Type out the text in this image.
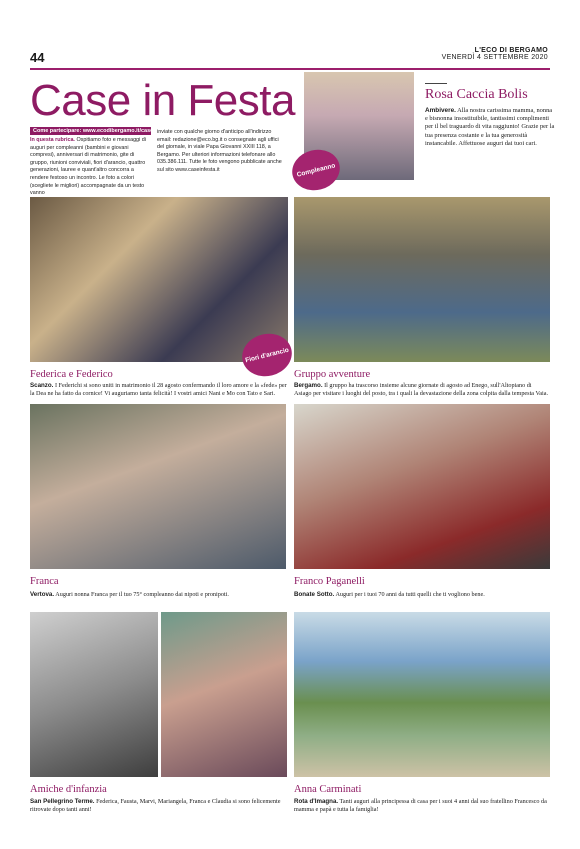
44	L'ECO DI BERGAMO
VENERDÌ 4 SETTEMBRE 2020
Case in Festa
Come partecipare: www.ecodibergamo.it/caseinfesta
In questa rubrica. Ospitiamo foto e messaggi di auguri per compleanni (bambini e giovani compresi), anniversari di matrimonio, gite di gruppo, riunioni conviviali, fiori d'arancio, quattro generazioni, lauree e quant'altro concorra a rendere festoso un incontro. Le foto a colori (scegliete le migliori) accompagnate da un testo vanno
inviate con qualche giorno d'anticipo all'indirizzo email: redazione@eco.bg.it o consegnate agli uffici del giornale, in viale Papa Giovanni XXIII 118, a Bergamo. Per ulteriori informazioni telefonare allo 035.386.111. Tutte le foto vengono pubblicate anche sul sito www.caseinfesta.it	Compleanno
Rosa Caccia Bolis
Ambivere. Alla nostra carissima mamma, nonna e bisnonna insostituibile, tantissimi complimenti per il bel traguardo di vita raggiunto! Grazie per la tua presenza costante e la tua generosità instancabile. Affettuose auguri dai tuoi cari.
Fiori d'arancio
Federica e Federico
Scanzo. I Federichi si sono uniti in matrimonio il 28 agosto confermando il loro amore e la «fede» per la Dea ne ha fatto da cornice! Vi auguriamo tanta felicità! I vostri amici Nani e Mo con Tato e Sari.
Gruppo avventure
Bergamo. Il gruppo ha trascorso insieme alcune giornate di agosto ad Enego, sull'Altopiano di Asiago per visitare i luoghi del posto, tra i quali la devastazione della zona colpita dalla tempesta Vaia.
Franca
Vertova. Auguri nonna Franca per il tuo 75° compleanno dai nipoti e pronipoti.
Franco Paganelli
Bonate Sotto. Auguri per i tuoi 70 anni da tutti quelli che ti vogliono bene.
Amiche d'infanzia
San Pellegrino Terme. Federica, Fausta, Marvi, Mariangela, Franca e Claudia si sono felicemente ritrovate dopo tanti anni!
Anna Carminati
Rota d'Imagna. Tanti auguri alla principessa di casa per i suoi 4 anni dal suo fratellino Francesco da mamma e papà e tutta la famiglia!
